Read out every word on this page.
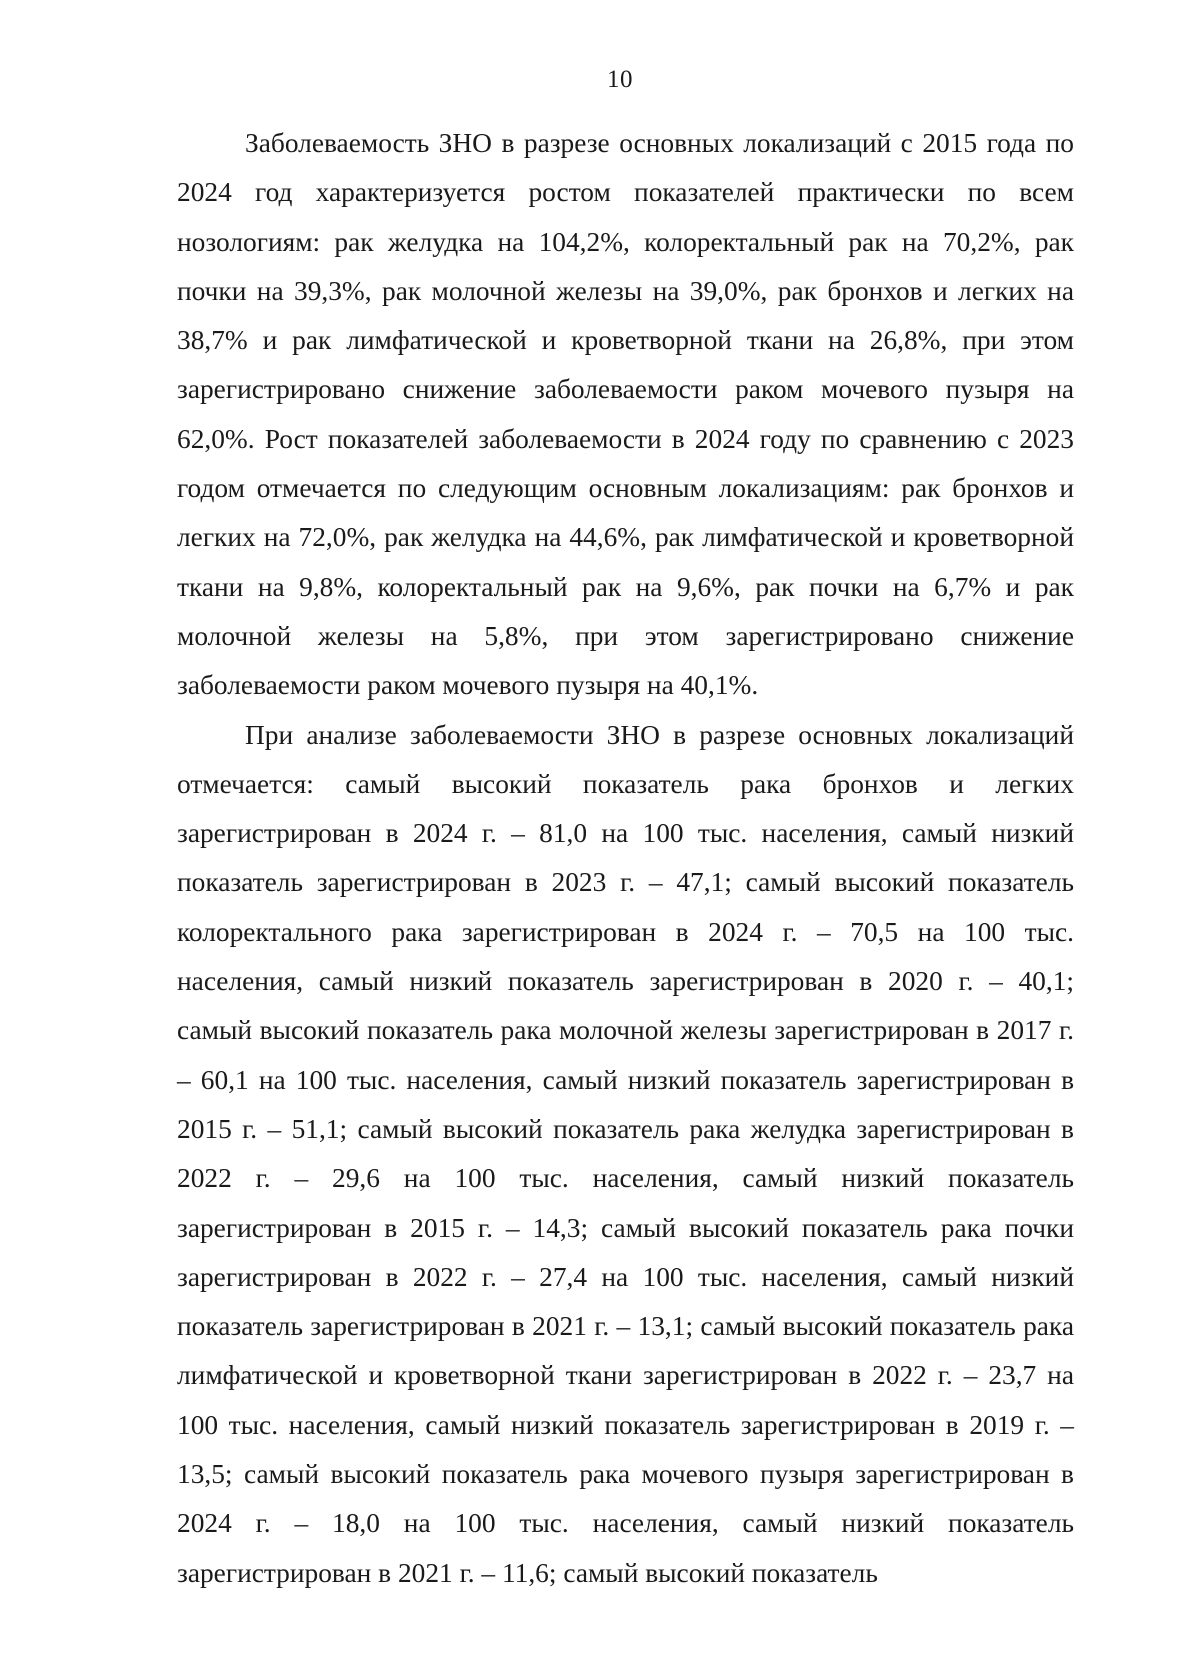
10

Заболеваемость ЗНО в разрезе основных локализаций с 2015 года по 2024 год характеризуется ростом показателей практически по всем нозологиям: рак желудка на 104,2%, колоректальный рак на 70,2%, рак почки на 39,3%, рак молочной железы на 39,0%, рак бронхов и легких на 38,7% и рак лимфатической и кроветворной ткани на 26,8%, при этом зарегистрировано снижение заболеваемости раком мочевого пузыря на 62,0%. Рост показателей заболеваемости в 2024 году по сравнению с 2023 годом отмечается по следующим основным локализациям: рак бронхов и легких на 72,0%, рак желудка на 44,6%, рак лимфатической и кроветворной ткани на 9,8%, колоректальный рак на 9,6%, рак почки на 6,7% и рак молочной железы на 5,8%, при этом зарегистрировано снижение заболеваемости раком мочевого пузыря на 40,1%.

При анализе заболеваемости ЗНО в разрезе основных локализаций отмечается: самый высокий показатель рака бронхов и легких зарегистрирован в 2024 г. – 81,0 на 100 тыс. населения, самый низкий показатель зарегистрирован в 2023 г. – 47,1; самый высокий показатель колоректального рака зарегистрирован в 2024 г. – 70,5 на 100 тыс. населения, самый низкий показатель зарегистрирован в 2020 г. – 40,1; самый высокий показатель рака молочной железы зарегистрирован в 2017 г. – 60,1 на 100 тыс. населения, самый низкий показатель зарегистрирован в 2015 г. – 51,1; самый высокий показатель рака желудка зарегистрирован в 2022 г. – 29,6 на 100 тыс. населения, самый низкий показатель зарегистрирован в 2015 г. – 14,3; самый высокий показатель рака почки зарегистрирован в 2022 г. – 27,4 на 100 тыс. населения, самый низкий показатель зарегистрирован в 2021 г. – 13,1; самый высокий показатель рака лимфатической и кроветворной ткани зарегистрирован в 2022 г. – 23,7 на 100 тыс. населения, самый низкий показатель зарегистрирован в 2019 г. – 13,5; самый высокий показатель рака мочевого пузыря зарегистрирован в 2024 г. – 18,0 на 100 тыс. населения, самый низкий показатель зарегистрирован в 2021 г. – 11,6; самый высокий показатель
